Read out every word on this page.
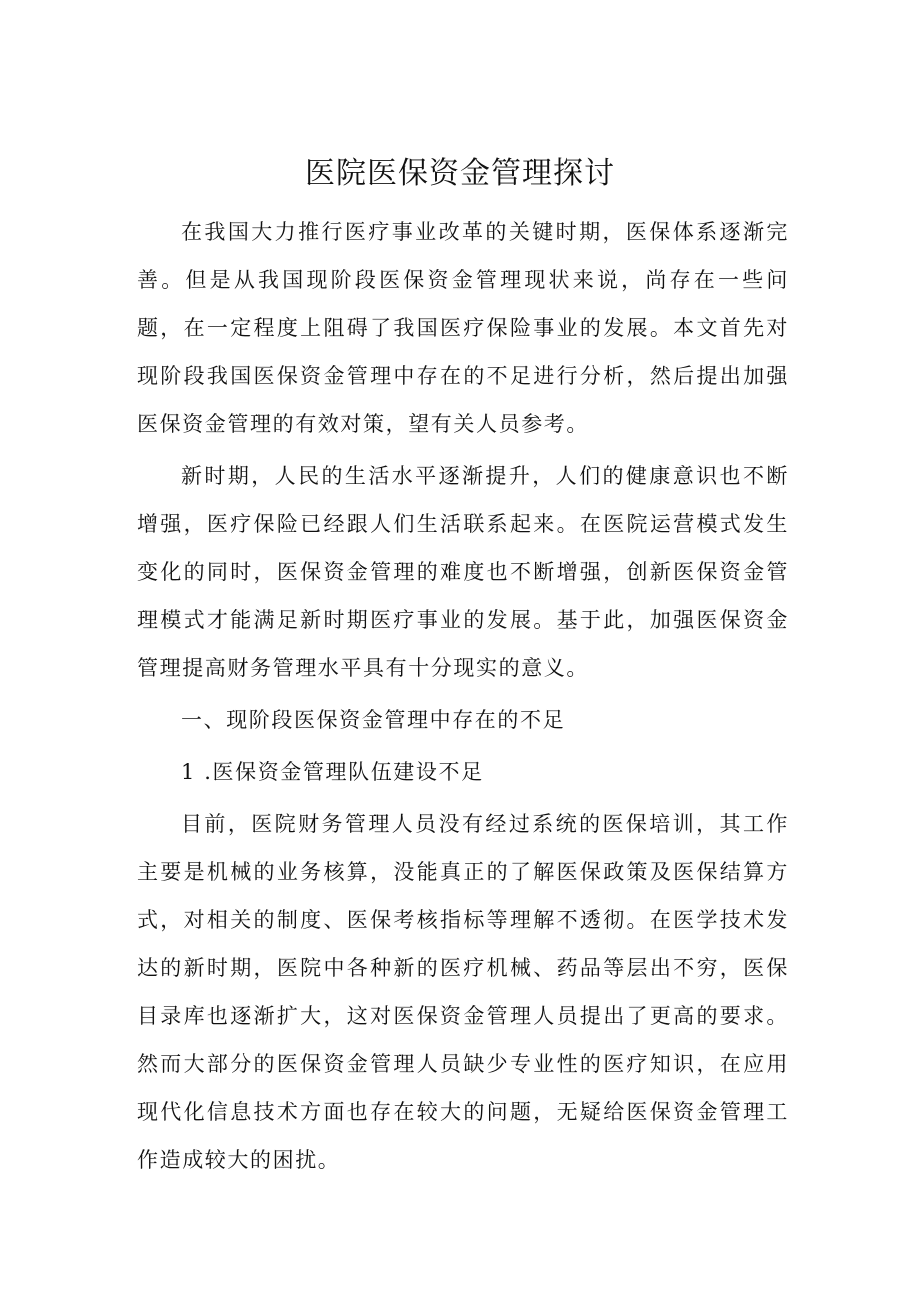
医院医保资金管理探讨

在我国大力推行医疗事业改革的关键时期，医保体系逐渐完善。但是从我国现阶段医保资金管理现状来说，尚存在一些问题，在一定程度上阻碍了我国医疗保险事业的发展。本文首先对现阶段我国医保资金管理中存在的不足进行分析，然后提出加强医保资金管理的有效对策，望有关人员参考。

新时期，人民的生活水平逐渐提升，人们的健康意识也不断增强，医疗保险已经跟人们生活联系起来。在医院运营模式发生变化的同时，医保资金管理的难度也不断增强，创新医保资金管理模式才能满足新时期医疗事业的发展。基于此，加强医保资金管理提高财务管理水平具有十分现实的意义。

一、现阶段医保资金管理中存在的不足

1 .医保资金管理队伍建设不足

目前，医院财务管理人员没有经过系统的医保培训，其工作主要是机械的业务核算，没能真正的了解医保政策及医保结算方式，对相关的制度、医保考核指标等理解不透彻。在医学技术发达的新时期，医院中各种新的医疗机械、药品等层出不穷，医保目录库也逐渐扩大，这对医保资金管理人员提出了更高的要求。然而大部分的医保资金管理人员缺少专业性的医疗知识，在应用现代化信息技术方面也存在较大的问题，无疑给医保资金管理工作造成较大的困扰。
